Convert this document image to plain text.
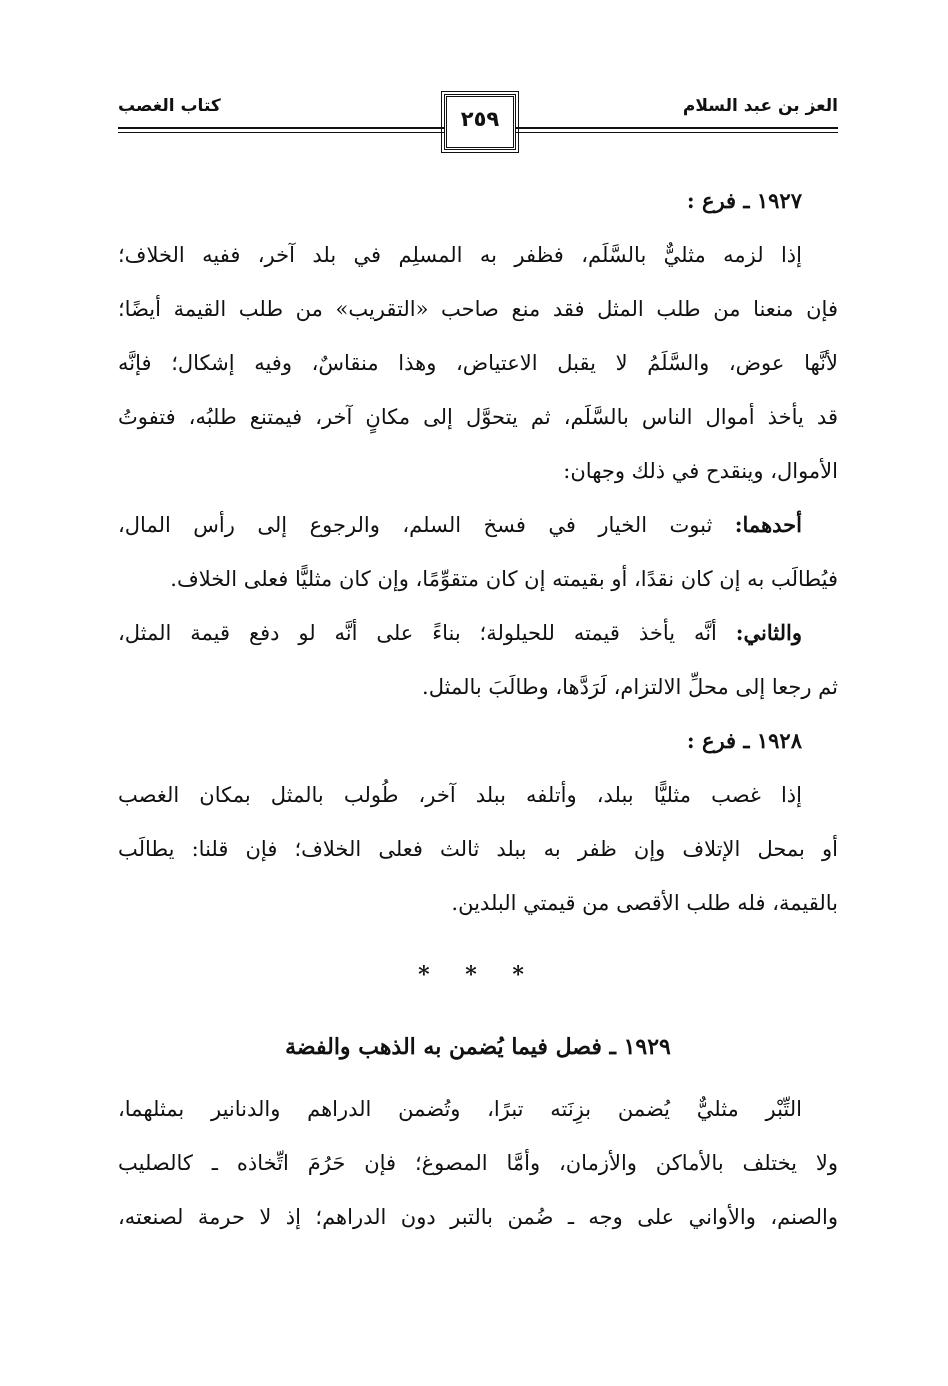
العز بن عبد السلام
كتاب الغصب
٢٥٩
١٩٢٧ ـ فرع :
إذا لزمه مثليٌّ بالسَّلَم، فظفر به المسلِم في بلد آخر، ففيه الخلاف؛
فإن منعنا من طلب المثل فقد منع صاحب «التقريب» من طلب القيمة أيضًا؛
لأنَّها عوض، والسَّلَمُ لا يقبل الاعتياض، وهذا منقاسٌ، وفيه إشكال؛ فإنَّه
قد يأخذ أموال الناس بالسَّلَم، ثم يتحوَّل إلى مكانٍ آخر، فيمتنع طلبُه، فتفوتُ
الأموال، وينقدح في ذلك وجهان:
أحدهما: ثبوت الخيار في فسخ السلم، والرجوع إلى رأس المال،
فيُطالَب به إن كان نقدًا، أو بقيمته إن كان متقوِّمًا، وإن كان مثليًّا فعلى الخلاف.
والثاني: أنَّه يأخذ قيمته للحيلولة؛ بناءً على أنَّه لو دفع قيمة المثل،
ثم رجعا إلى محلِّ الالتزام، لَرَدَّها، وطالَبَ بالمثل.
١٩٢٨ ـ فرع :
إذا غصب مثليًّا ببلد، وأتلفه ببلد آخر، طُولب بالمثل بمكان الغصب
أو بمحل الإتلاف وإن ظفر به ببلد ثالث فعلى الخلاف؛ فإن قلنا: يطالَب
بالقيمة، فله طلب الأقصى من قيمتي البلدين.
* * *
١٩٢٩ ـ فصل فيما يُضمن به الذهب والفضة
التِّبْر مثليٌّ يُضمن بزِنَته تبرًا، وتُضمن الدراهم والدنانير بمثلهما،
ولا يختلف بالأماكن والأزمان، وأمَّا المصوغ؛ فإن حَرُمَ اتِّخاذه ـ كالصليب
والصنم، والأواني على وجه ـ ضُمن بالتبر دون الدراهم؛ إذ لا حرمة لصنعته،
